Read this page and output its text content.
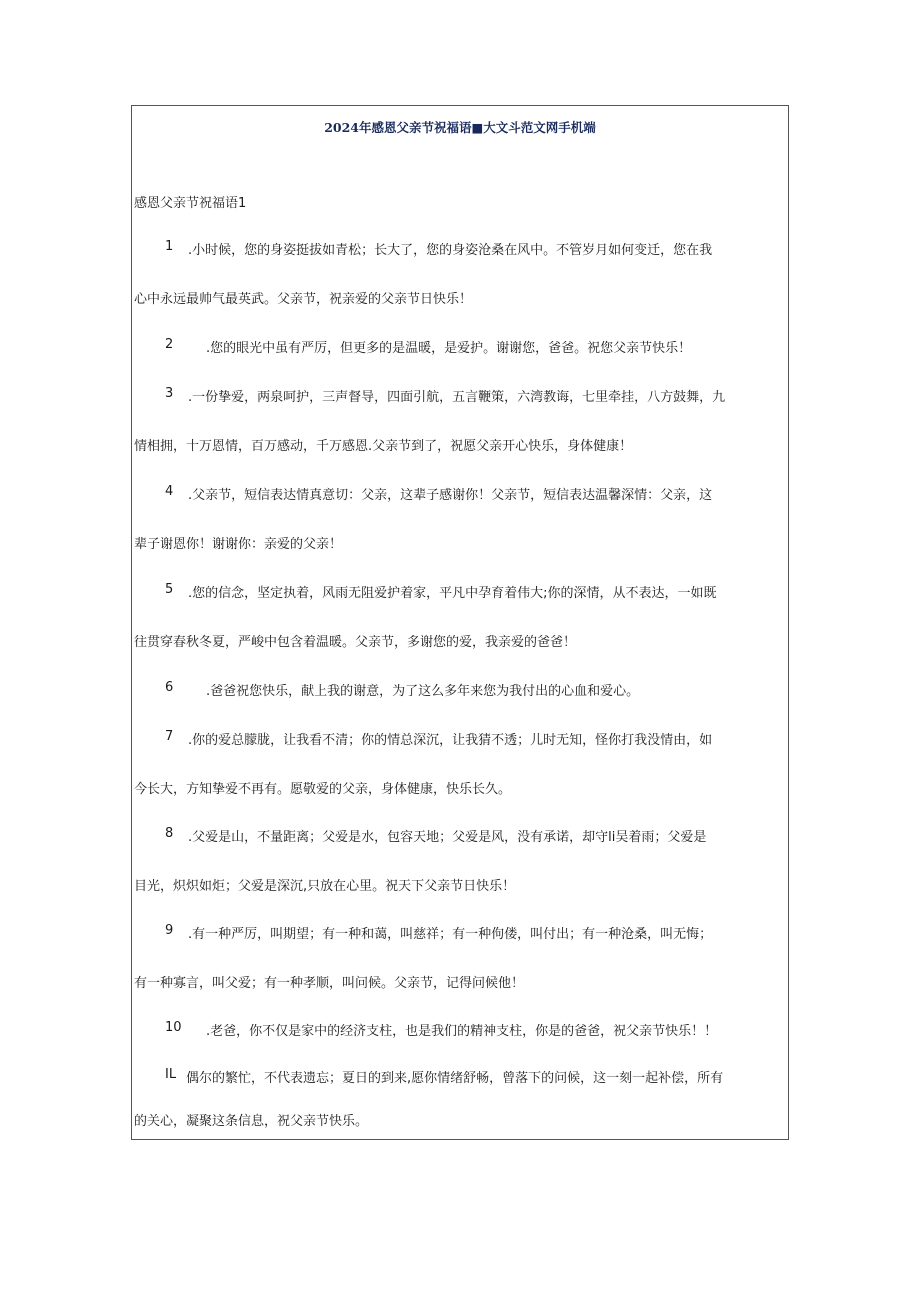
2024年感恩父亲节祝福语■大文斗范文网手机端
感恩父亲节祝福语1
1 .小时候，您的身姿挺拔如青松；长大了，您的身姿沧桑在风中。不管岁月如何变迁，您在我
心中永远最帅气最英武。父亲节，祝亲爱的父亲节日快乐！
2	.您的眼光中虽有严厉，但更多的是温暖，是爱护。谢谢您，爸爸。祝您父亲节快乐！
3 .一份挚爱，两泉呵护，三声督导，四面引航，五言鞭策，六湾教诲，七里牵挂，八方鼓舞，九
情相拥，十万恩情，百万感动，千万感恩.父亲节到了，祝愿父亲开心快乐，身体健康！
4 .父亲节，短信表达情真意切：父亲，这辈子感谢你！父亲节，短信表达温馨深情：父亲，这
辈子谢恩你！谢谢你：亲爱的父亲！
5 .您的信念，坚定执着，风雨无阻爱护着家，平凡中孕育着伟大;你的深情，从不表达，一如既
往贯穿春秋冬夏，严峻中包含着温暖。父亲节，多谢您的爱，我亲爱的爸爸！
6	.爸爸祝您快乐，献上我的谢意，为了这么多年来您为我付出的心血和爱心。
7 .你的爱总朦胧，让我看不清；你的情总深沉，让我猜不透；儿时无知，怪你打我没情由，如
今长大，方知挚爱不再有。愿敬爱的父亲，身体健康，快乐长久。
8 .父爱是山，不量距离；父爱是水，包容天地；父爱是风，没有承诺，却守li吴着雨；父爱是
目光，炽炽如炬；父爱是深沉,只放在心里。祝天下父亲节日快乐！
9 .有一种严厉，叫期望；有一种和蔼，叫慈祥；有一种佝偻，叫付出；有一种沧桑，叫无悔；
有一种寡言，叫父爱；有一种孝顺，叫问候。父亲节，记得问候他！
10 .老爸，你不仅是家中的经济支柱，也是我们的精神支柱，你是的爸爸，祝父亲节快乐！！
IL 偶尔的繁忙，不代表遗忘；夏日的到来,愿你情绪舒畅，曾落下的问候，这一刻一起补偿，所有
的关心，凝聚这条信息，祝父亲节快乐。
